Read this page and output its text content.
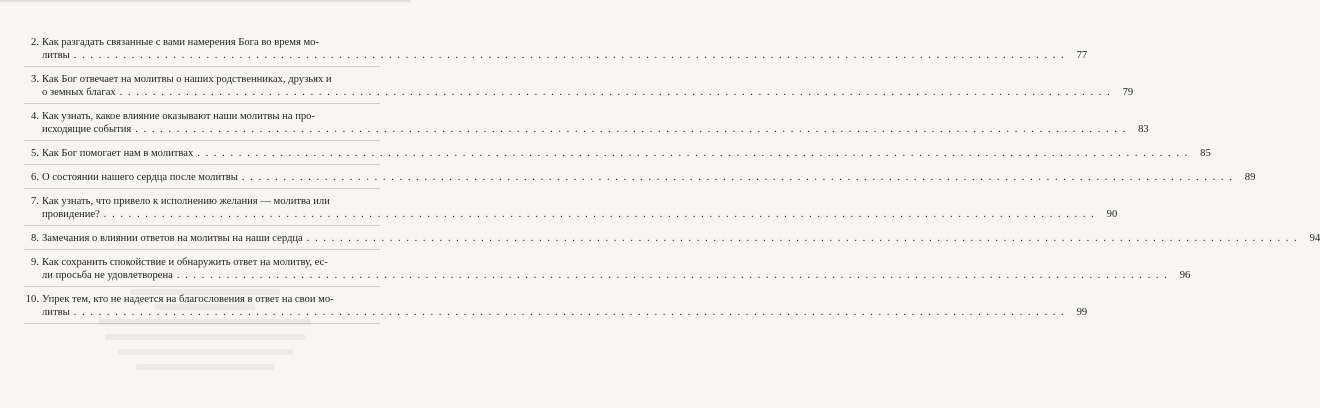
2. Как разгадать связанные с вами намерения Бога во время мо-
литвы . . . . . . . . . . . . . . . . . . . . . . . . . . . . . . . . . . . . . . . . . . . . . . . . . . . . . . . . . . . . . . . . . . . . . . . . . . . . . . . . . . . . . . . . . . . . . . . . . . . . . . . . . . . . . . . . . . . . . . . .	77
3. Как Бог отвечает на молитвы о наших родственниках, друзьях и
о земных благах . . . . . . . . . . . . . . . . . . . . . . . . . . . . . . . . . . . . . . . . . . . . . . . . . . . . . . . . . . . . . . . . . . . . . . . . . . . . . . . . . . . . . . . . . . . . . . . . . . . . . . . . . . . . . . . . . . . . . . . .	79
4. Как узнать, какое влияние оказывают наши молитвы на про-
исходящие события . . . . . . . . . . . . . . . . . . . . . . . . . . . . . . . . . . . . . . . . . . . . . . . . . . . . . . . . . . . . . . . . . . . . . . . . . . . . . . . . . . . . . . . . . . . . . . . . . . . . . . . . . . . . . . . . . . . . . . . .	83
5. Как Бог помогает нам в молитвах . . . . . . . . . . . . . . . . . . . . . . . . . . . . . . . . . . . . . . . . . . . . . . . . . . . . . . . . . . . . . . . . . . . . . . . . . . . . . . . . . . . . . . . . . . . . . . . . . . . . . . . . . . . . . . . . . . . . . . . .	85
6. О состоянии нашего сердца после молитвы . . . . . . . . . . . . . . . . . . . . . . . . . . . . . . . . . . . . . . . . . . . . . . . . . . . . . . . . . . . . . . . . . . . . . . . . . . . . . . . . . . . . . . . . . . . . . . . . . . . . . . . . . . . . . . . . . . . . . . . .	89
7. Как узнать, что привело к исполнению желания — молитва или
провидение? . . . . . . . . . . . . . . . . . . . . . . . . . . . . . . . . . . . . . . . . . . . . . . . . . . . . . . . . . . . . . . . . . . . . . . . . . . . . . . . . . . . . . . . . . . . . . . . . . . . . . . . . . . . . . . . . . . . . . . . .	90
8. Замечания о влиянии ответов на молитвы на наши сердца . . . . . . . . . . . . . . . . . . . . . . . . . . . . . . . . . . . . . . . . . . . . . . . . . . . . . . . . . . . . . . . . . . . . . . . . . . . . . . . . . . . . . . . . . . . . . . . . . . . . . . . . . . . . . . . . . . . . . . . .	94
9. Как сохранить спокойствие и обнаружить ответ на молитву, ес-
ли просьба не удовлетворена . . . . . . . . . . . . . . . . . . . . . . . . . . . . . . . . . . . . . . . . . . . . . . . . . . . . . . . . . . . . . . . . . . . . . . . . . . . . . . . . . . . . . . . . . . . . . . . . . . . . . . . . . . . . . . . . . . . . . . . .	96
10. Упрек тем, кто не надеется на благословения в ответ на свои мо-
литвы . . . . . . . . . . . . . . . . . . . . . . . . . . . . . . . . . . . . . . . . . . . . . . . . . . . . . . . . . . . . . . . . . . . . . . . . . . . . . . . . . . . . . . . . . . . . . . . . . . . . . . . . . . . . . . . . . . . . . . . .	99
